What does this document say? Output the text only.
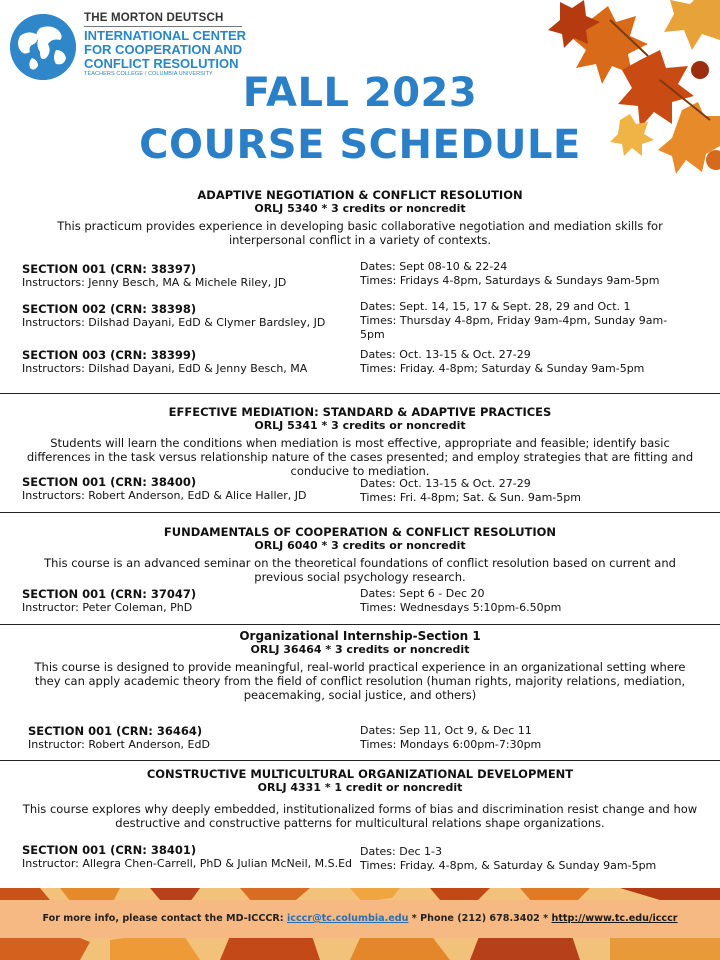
THE MORTON DEUTSCH
INTERNATIONAL CENTER
FOR COOPERATION AND
CONFLICT RESOLUTION
TEACHERS COLLEGE / COLUMBIA UNIVERSITY FALL 2023
COURSE SCHEDULE
ADAPTIVE NEGOTIATION & CONFLICT RESOLUTION
ORLJ 5340 * 3 credits or noncredit
This practicum provides experience in developing basic collaborative negotiation and mediation skills for interpersonal conflict in a variety of contexts.
SECTION 001 (CRN: 38397)
Instructors: Jenny Besch, MA & Michele Riley, JD
Dates: Sept 08-10 & 22-24
Times: Fridays 4-8pm, Saturdays & Sundays 9am-5pm
SECTION 002 (CRN: 38398)
Instructors: Dilshad Dayani, EdD & Clymer Bardsley, JD
Dates: Sept. 14, 15, 17 & Sept. 28, 29 and Oct. 1
Times: Thursday 4-8pm, Friday 9am-4pm, Sunday 9am-5pm
SECTION 003 (CRN: 38399)
Instructors: Dilshad Dayani, EdD & Jenny Besch, MA
Dates: Oct. 13-15 & Oct. 27-29
Times: Friday. 4-8pm; Saturday & Sunday 9am-5pm
EFFECTIVE MEDIATION: STANDARD & ADAPTIVE PRACTICES
ORLJ 5341 * 3 credits or noncredit
Students will learn the conditions when mediation is most effective, appropriate and feasible; identify basic differences in the task versus relationship nature of the cases presented; and employ strategies that are fitting and conducive to mediation.
SECTION 001 (CRN: 38400)
Instructors: Robert Anderson, EdD & Alice Haller, JD
Dates: Oct. 13-15 & Oct. 27-29
Times: Fri. 4-8pm; Sat. & Sun. 9am-5pm
FUNDAMENTALS OF COOPERATION & CONFLICT RESOLUTION
ORLJ 6040 * 3 credits or noncredit
This course is an advanced seminar on the theoretical foundations of conflict resolution based on current and previous social psychology research.
SECTION 001 (CRN: 37047)
Instructor: Peter Coleman, PhD
Dates: Sept 6 - Dec 20
Times: Wednesdays 5:10pm-6.50pm
Organizational Internship-Section 1
ORLJ 36464 * 3 credits or noncredit
This course is designed to provide meaningful, real-world practical experience in an organizational setting where they can apply academic theory from the field of conflict resolution (human rights, majority relations, mediation, peacemaking, social justice, and others)
SECTION 001 (CRN: 36464)
Instructor: Robert Anderson, EdD
Dates: Sep 11, Oct 9, & Dec 11
Times: Mondays 6:00pm-7:30pm
CONSTRUCTIVE MULTICULTURAL ORGANIZATIONAL DEVELOPMENT
ORLJ 4331 * 1 credit or noncredit
This course explores why deeply embedded, institutionalized forms of bias and discrimination resist change and how destructive and constructive patterns for multicultural relations shape organizations.
SECTION 001 (CRN: 38401)
Instructor: Allegra Chen-Carrell, PhD & Julian McNeil, M.S.Ed
Dates: Dec 1-3
Times: Friday. 4-8pm, & Saturday & Sunday 9am-5pm
For more info, please contact the MD-ICCCR: icccr@tc.columbia.edu * Phone (212) 678.3402 * http://www.tc.edu/icccr
